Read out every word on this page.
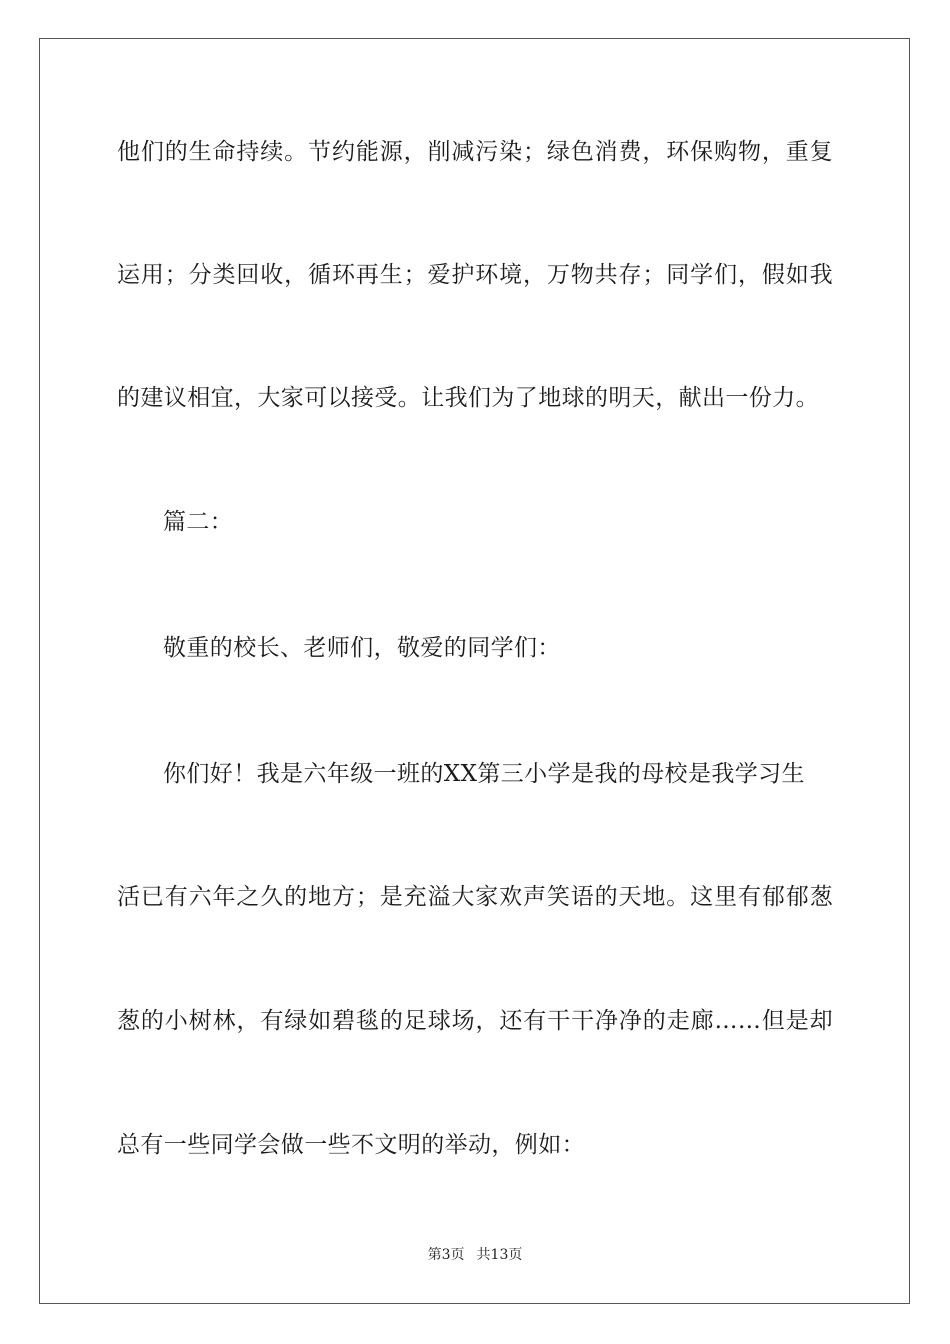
他们的生命持续。节约能源，削减污染；绿色消费，环保购物，重复
运用；分类回收，循环再生；爱护环境，万物共存；同学们，假如我
的建议相宜，大家可以接受。让我们为了地球的明天，献出一份力。
篇二：
敬重的校长、老师们，敬爱的同学们：
你们好！我是六年级一班的XX第三小学是我的母校是我学习生
活已有六年之久的地方；是充溢大家欢声笑语的天地。这里有郁郁葱
葱的小树林，有绿如碧毯的足球场，还有干干净净的走廊……但是却
总有一些同学会做一些不文明的举动，例如：
第3页 共13页
